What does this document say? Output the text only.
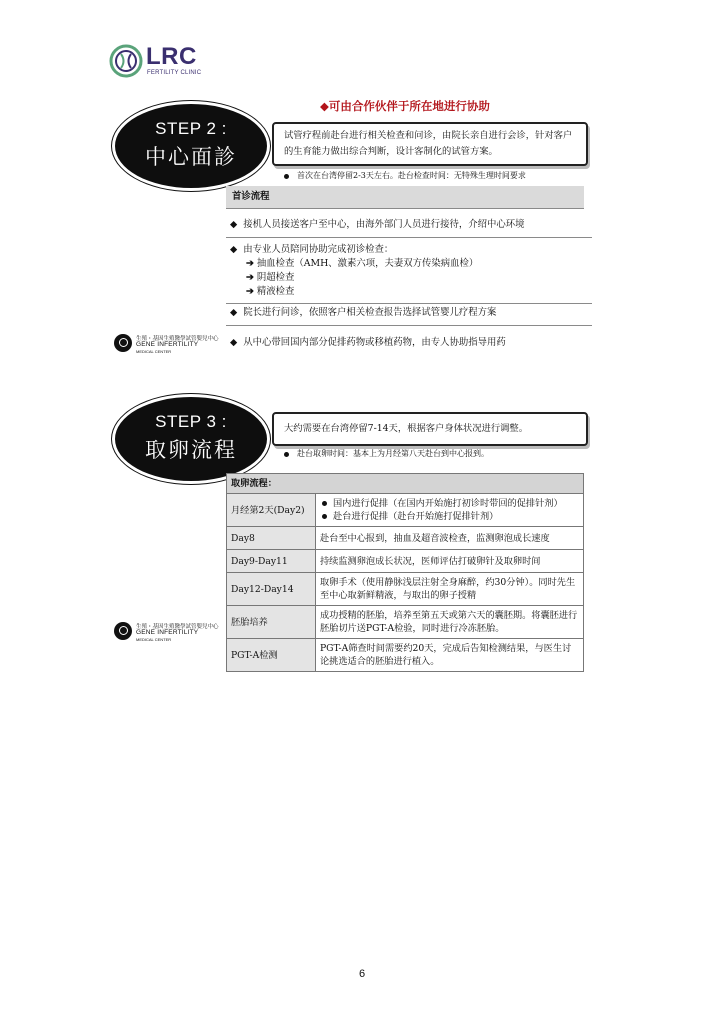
LRC
FERTILITY CLINIC
◆可由合作伙伴于所在地进行协助
STEP 2 :
中心面診
试管疗程前赴台进行相关检查和问诊，由院长亲自进行会诊，针对客户的生育能力做出综合判断，设计客制化的试管方案。
首次在台湾停留2-3天左右。赴台检查时间：无特殊生理时间要求
首诊流程
◆ 接机人员接送客户至中心，由海外部门人员进行接待，介绍中心环境
◆ 由专业人员陪同协助完成初诊检查：
➔ 抽血检查（AMH、激素六项，夫妻双方传染病血检）
➔ 阴超检查
➔ 精液检查
◆ 院长进行问诊，依照客户相关检查报告选择试管婴儿疗程方案
◆ 从中心带回国内部分促排药物或移植药物，由专人协助指导用药
生殖・基因生殖醫學試管嬰兒中心
GENE INFERTILITY
MEDICAL CENTER
STEP 3 :
取卵流程
大约需要在台湾停留7-14天，根据客户身体状况进行调整。
赴台取卵时间：基本上为月经第八天赴台到中心报到。
取卵流程：	
月经第2天(Day2)	国内进行促排（在国内开始施打初诊时带回的促排针剂）
赴台进行促排（赴台开始施打促排针剂）

Day8	赴台至中心报到，抽血及超音波检查，监测卵泡成长速度
Day9-Day11	持续监测卵泡成长状况，医师评估打破卵针及取卵时间
Day12-Day14	取卵手术（使用静脉浅层注射全身麻醉，约30分钟）。同时先生至中心取新鲜精液，与取出的卵子授精
胚胎培养	成功授精的胚胎，培养至第五天或第六天的囊胚期。将囊胚进行胚胎切片送PGT-A检验，同时进行冷冻胚胎。
PGT-A检测	PGT-A筛查时间需要约20天，完成后告知检测结果，与医生讨论挑选适合的胚胎进行植入。
生殖・基因生殖醫學試管嬰兒中心
GENE INFERTILITY
MEDICAL CENTER
6
